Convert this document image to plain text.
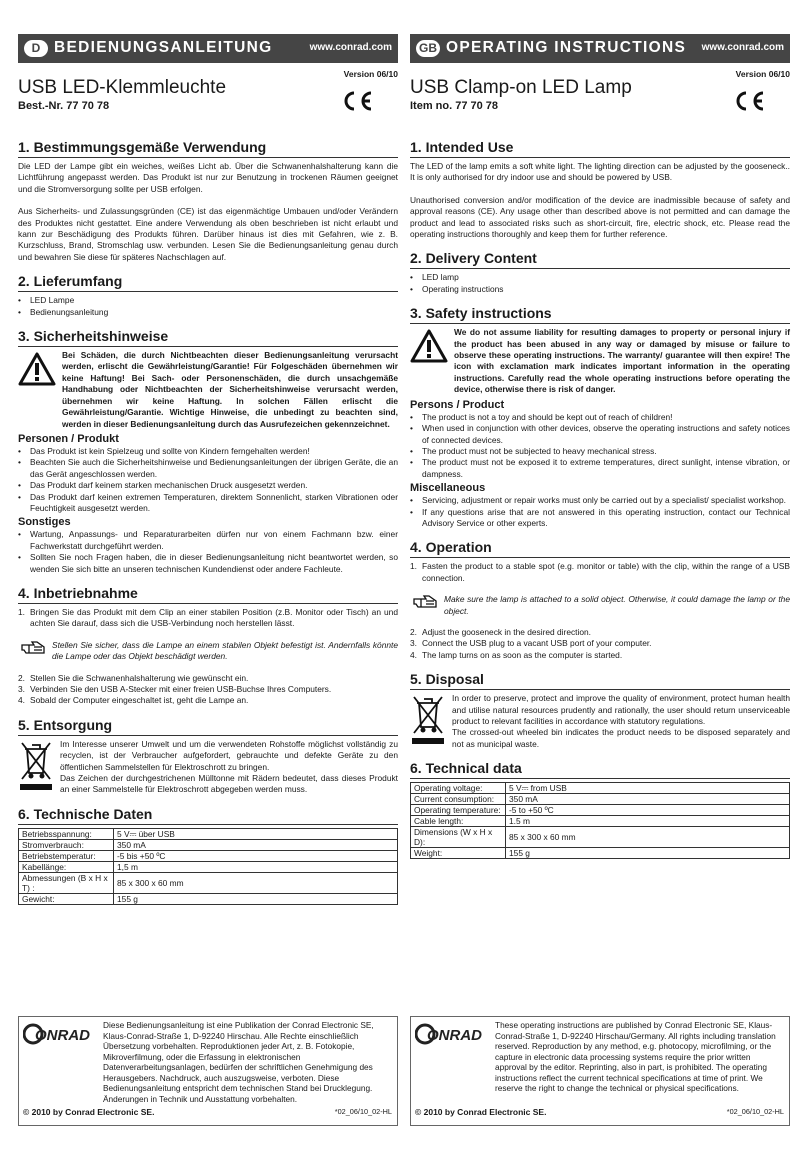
D BEDIENUNGSANLEITUNG	www.conrad.com
Version 06/10
USB LED-Klemmleuchte
Best.-Nr. 77 70 78
1. Bestimmungsgemäße Verwendung

Die LED der Lampe gibt ein weiches, weißes Licht ab. Über die Schwanenhalshalterung kann die Lichtführung angepasst werden. Das Produkt ist nur zur Benutzung in trockenen Räumen geeignet und die Stromversorgung sollte per USB erfolgen.

Aus Sicherheits- und Zulassungsgründen (CE) ist das eigenmächtige Umbauen und/oder Verändern des Produktes nicht gestattet. Eine andere Verwendung als oben beschrieben ist nicht erlaubt und kann zur Beschädigung des Produkts führen. Darüber hinaus ist dies mit Gefahren, wie z. B. Kurzschluss, Brand, Stromschlag usw. verbunden. Lesen Sie die Bedienungsanleitung genau durch und bewahren Sie diese für späteres Nachschlagen auf.

2. Lieferumfang
• LED Lampe
• Bedienungsanleitung
3. Sicherheitshinweise
Bei Schäden, die durch Nichtbeachten dieser Bedienungsanleitung verursacht werden, erlischt die Gewährleistung/Garantie! Für Folgeschäden übernehmen wir keine Haftung! Bei Sach- oder Personenschäden, die durch unsachgemäße Handhabung oder Nichtbeachten der Sicherheitshinweise verursacht werden, übernehmen wir keine Haftung. In solchen Fällen erlischt die Gewährleistung/Garantie. Wichtige Hinweise, die unbedingt zu beachten sind, werden in dieser Bedienungsanleitung durch das Ausrufezeichen gekennzeichnet.
Personen / Produkt
• Das Produkt ist kein Spielzeug und sollte von Kindern ferngehalten werden!
• Beachten Sie auch die Sicherheitshinweise und Bedienungsanleitungen der übrigen Geräte, die an das Gerät angeschlossen werden.
• Das Produkt darf keinem starken mechanischen Druck ausgesetzt werden.
• Das Produkt darf keinen extremen Temperaturen, direktem Sonnenlicht, starken Vibrationen oder Feuchtigkeit ausgesetzt werden.
Sonstiges
• Wartung, Anpassungs- und Reparaturarbeiten dürfen nur von einem Fachmann bzw. einer Fachwerkstatt durchgeführt werden.
• Sollten Sie noch Fragen haben, die in dieser Bedienungsanleitung nicht beantwortet werden, so wenden Sie sich bitte an unseren technischen Kundendienst oder andere Fachleute.
4. Inbetriebnahme
1. Bringen Sie das Produkt mit dem Clip an einer stabilen Position (z.B. Monitor oder Tisch) an und achten Sie darauf, dass sich die USB-Verbindung noch herstellen lässt.
Stellen Sie sicher, dass die Lampe an einem stabilen Objekt befestigt ist. Andernfalls könnte die Lampe oder das Objekt beschädigt werden.
2. Stellen Sie die Schwanenhalshalterung wie gewünscht ein.
3. Verbinden Sie den USB A-Stecker mit einer freien USB-Buchse Ihres Computers.
4. Sobald der Computer eingeschaltet ist, geht die Lampe an.
5. Entsorgung

Im Interesse unserer Umwelt und um die verwendeten Rohstoffe möglichst vollständig zu recyclen, ist der Verbraucher aufgefordert, gebrauchte und defekte Geräte zu den öffentlichen Sammelstellen für Elektroschrott zu bringen.

Das Zeichen der durchgestrichenen Mülltonne mit Rädern bedeutet, dass dieses Produkt an einer Sammelstelle für Elektroschrott abgegeben werden muss.

6. Technische Daten
Betriebsspannung:	5 V⎓ über USB
Stromverbrauch:	350 mA
Betriebstemperatur:	-5 bis +50 ºC
Kabellänge:	1,5 m
Abmessungen (B x H x T) :	85 x 300 x 60 mm
Gewicht:	155 g
GB OPERATING INSTRUCTIONS www.conrad.com
Version 06/10
USB Clamp-on LED Lamp
Item no. 77 70 78
1. Intended Use

The LED of the lamp emits a soft white light. The lighting direction can be adjusted by the gooseneck.. It is only authorised for dry indoor use and should be powered by USB.

Unauthorised conversion and/or modification of the device are inadmissible because of safety and approval reasons (CE). Any usage other than described above is not permitted and can damage the product and lead to associated risks such as short-circuit, fire, electric shock, etc. Please read the operating instructions thoroughly and keep them for further reference.

2. Delivery Content
• LED lamp
• Operating instructions
3. Safety instructions
We do not assume liability for resulting damages to property or personal injury if the product has been abused in any way or damaged by misuse or failure to observe these operating instructions. The warranty/ guarantee will then expire! The icon with exclamation mark indicates important information in the operating instructions. Carefully read the whole operating instructions before operating the device, otherwise there is risk of danger.
Persons / Product
• The product is not a toy and should be kept out of reach of children!
• When used in conjunction with other devices, observe the operating instructions and safety notices of connected devices.
• The product must not be subjected to heavy mechanical stress.
• The product must not be exposed it to extreme temperatures, direct sunlight, intense vibration, or dampness.
Miscellaneous
• Servicing, adjustment or repair works must only be carried out by a specialist/ specialist workshop.
• If any questions arise that are not answered in this operating instruction, contact our Technical Advisory Service or other experts.
4. Operation
1. Fasten the product to a stable spot (e.g. monitor or table) with the clip, within the range of a USB connection.
Make sure the lamp is attached to a solid object. Otherwise, it could damage the lamp or the object.
2. Adjust the gooseneck in the desired direction.
3. Connect the USB plug to a vacant USB port of your computer.
4. The lamp turns on as soon as the computer is started.
5. Disposal

In order to preserve, protect and improve the quality of environment, protect human health and utilise natural resources prudently and rationally, the user should return unserviceable product to relevant facilities in accordance with statutory regulations.

The crossed-out wheeled bin indicates the product needs to be disposed separately and not as municipal waste.

6. Technical data
Operating voltage:	5 V⎓ from USB
Current consumption:	350 mA
Operating temperature:	-5 to +50 ºC
Cable length:	1.5 m
Dimensions (W x H x D):	85 x 300 x 60 mm
Weight:	155 g
ONRAD
Diese Bedienungsanleitung ist eine Publikation der Conrad Electronic SE, Klaus-Conrad-Straße 1, D-92240 Hirschau. Alle Rechte einschließlich Übersetzung vorbehalten. Reproduktionen jeder Art, z. B. Fotokopie, Mikroverfilmung, oder die Erfassung in elektronischen Datenverarbeitungsanlagen, bedürfen der schriftlichen Genehmigung des Herausgebers. Nachdruck, auch auszugsweise, verboten. Diese Bedienungsanleitung entspricht dem technischen Stand bei Drucklegung. Änderungen in Technik und Ausstattung vorbehalten.
© 2010 by Conrad Electronic SE.	*02_06/10_02-HL
ONRAD
These operating instructions are published by Conrad Electronic SE, Klaus-Conrad-Straße 1, D-92240 Hirschau/Germany. All rights including translation reserved. Reproduction by any method, e.g. photocopy, microfilming, or the capture in electronic data processing systems require the prior written approval by the editor. Reprinting, also in part, is prohibited. The operating instructions reflect the current technical specifications at time of print. We reserve the right to change the technical or physical specifications.
© 2010 by Conrad Electronic SE.	*02_06/10_02-HL
